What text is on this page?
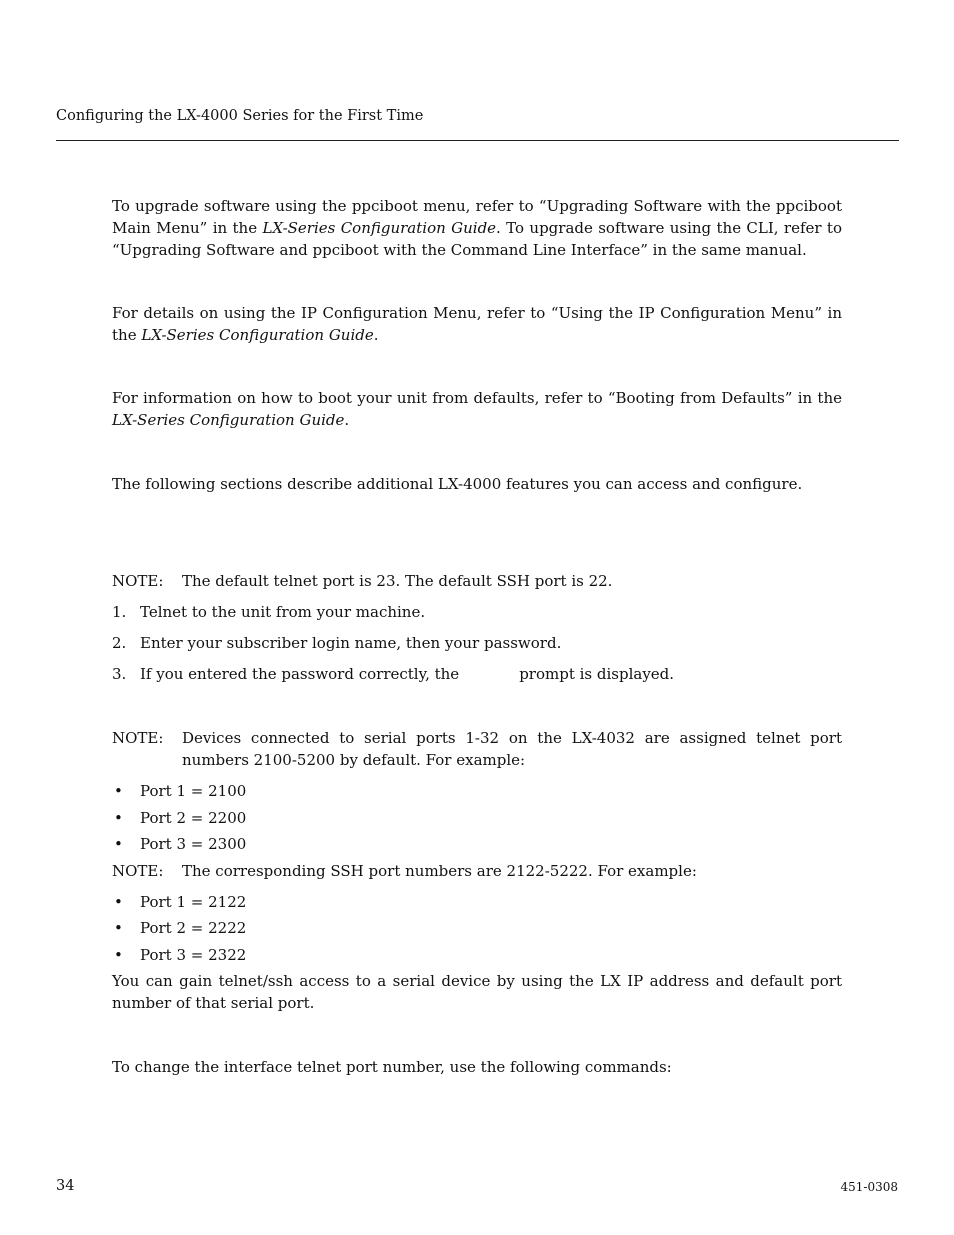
Configuring the LX-4000 Series for the First Time
To upgrade software using the ppciboot menu, refer to “Upgrading Software with the ppciboot Main Menu” in the LX-Series Configuration Guide. To upgrade software using the CLI, refer to “Upgrading Software and ppciboot with the Command Line Interface” in the same manual.
For details on using the IP Configuration Menu, refer to “Using the IP Configuration Menu” in the LX-Series Configuration Guide.
For information on how to boot your unit from defaults, refer to “Booting from Defaults” in the LX-Series Configuration Guide.
The following sections describe additional LX-4000 features you can access and configure.
NOTE: The default telnet port is 23. The default SSH port is 22.
1. Telnet to the unit from your machine.
2. Enter your subscriber login name, then your password.
3. If you entered the password correctly, the	prompt is displayed.
NOTE: Devices connected to serial ports 1-32 on the LX-4032 are assigned telnet port numbers 2100-5200 by default. For example:
• Port 1 = 2100
• Port 2 = 2200
• Port 3 = 2300
NOTE: The corresponding SSH port numbers are 2122-5222. For example:
• Port 1 = 2122
• Port 2 = 2222
• Port 3 = 2322
You can gain telnet/ssh access to a serial device by using the LX IP address and default port number of that serial port.
To change the interface telnet port number, use the following commands:
34	451-0308
